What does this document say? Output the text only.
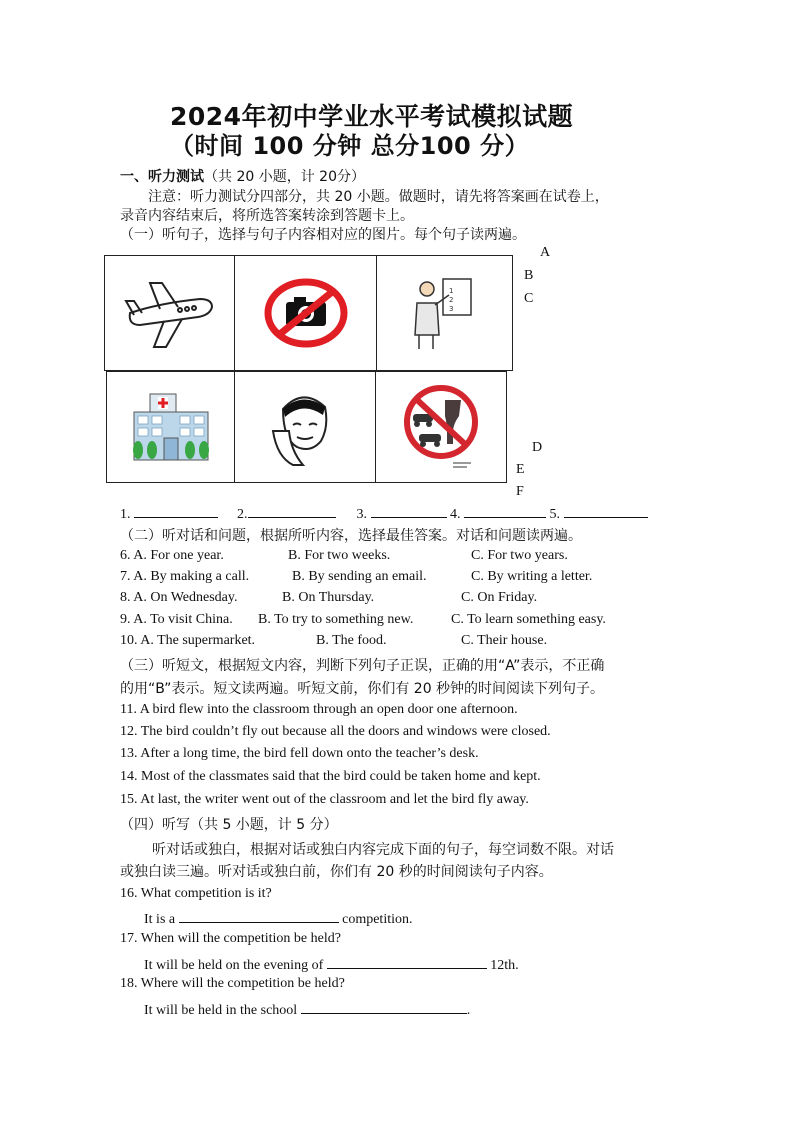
2024年初中学业水平考试模拟试题
（时间 100 分钟 总分100 分）
一、听力测试（共 20 小题，计 20分）
注意：听力测试分四部分，共 20 小题。做题时，请先将答案画在试卷上，
录音内容结束后，将所选答案转涂到答题卡上。
（一）听句子，选择与句子内容相对应的图片。每个句子读两遍。
A
B
C
D
E
F
1
2
3
1.	2.	3.	4.	5.
（二）听对话和问题，根据所听内容，选择最佳答案。对话和问题读两遍。
6. A. For one year.	B. For two weeks.	C. For two years.
7. A. By making a call.	B. By sending an email.	C. By writing a letter.
8. A. On Wednesday.	B. On Thursday.	C. On Friday.
9. A. To visit China. B. To try to something new.	C. To learn something easy.
10. A. The supermarket.	B. The food.	C. Their house.
（三）听短文，根据短文内容，判断下列句子正误，正确的用“A”表示，不正确
的用“B”表示。短文读两遍。听短文前，你们有 20 秒钟的时间阅读下列句子。
11. A bird flew into the classroom through an open door one afternoon.
12. The bird couldn’t fly out because all the doors and windows were closed.
13. After a long time, the bird fell down onto the teacher’s desk.
14. Most of the classmates said that the bird could be taken home and kept.
15. At last, the writer went out of the classroom and let the bird fly away.
（四）听写（共 5 小题，计 5 分）
听对话或独白，根据对话或独白内容完成下面的句子，每空词数不限。对话
或独白读三遍。听对话或独白前，你们有 20 秒的时间阅读句子内容。
16. What competition is it?
It is a	competition.
17. When will the competition be held?
It will be held on the evening of	12th.
18. Where will the competition be held?
It will be held in the school	.
